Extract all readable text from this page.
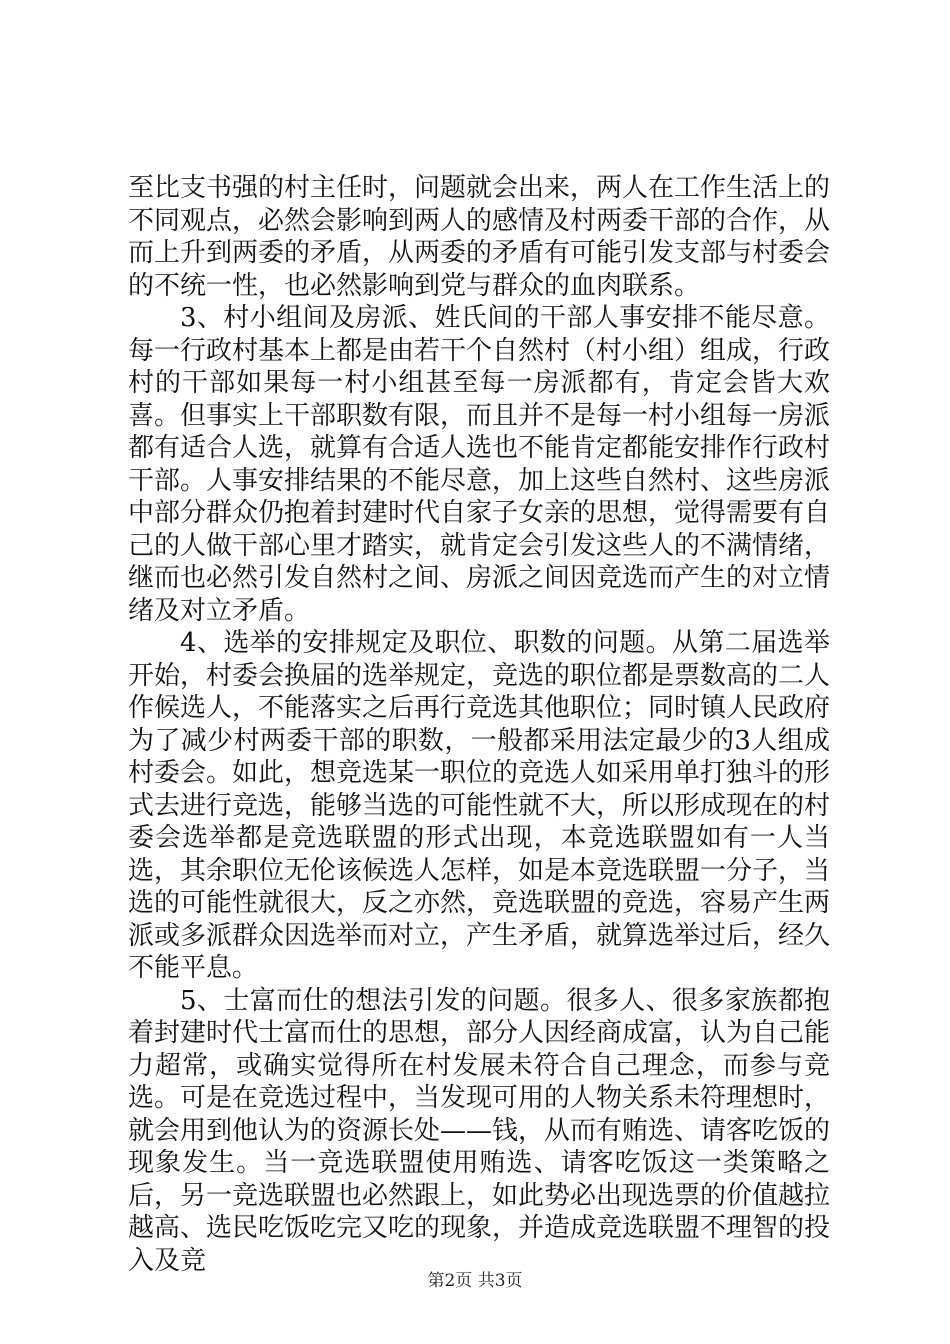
至比支书强的村主任时，问题就会出来，两人在工作生活上的不同观点，必然会影响到两人的感情及村两委干部的合作，从而上升到两委的矛盾，从两委的矛盾有可能引发支部与村委会的不统一性，也必然影响到党与群众的血肉联系。

3、村小组间及房派、姓氏间的干部人事安排不能尽意。每一行政村基本上都是由若干个自然村（村小组）组成，行政村的干部如果每一村小组甚至每一房派都有，肯定会皆大欢喜。但事实上干部职数有限，而且并不是每一村小组每一房派都有适合人选，就算有合适人选也不能肯定都能安排作行政村干部。人事安排结果的不能尽意，加上这些自然村、这些房派中部分群众仍抱着封建时代自家子女亲的思想，觉得需要有自己的人做干部心里才踏实，就肯定会引发这些人的不满情绪，继而也必然引发自然村之间、房派之间因竞选而产生的对立情绪及对立矛盾。

4、选举的安排规定及职位、职数的问题。从第二届选举开始，村委会换届的选举规定，竞选的职位都是票数高的二人作候选人，不能落实之后再行竞选其他职位；同时镇人民政府为了减少村两委干部的职数，一般都采用法定最少的3人组成村委会。如此，想竞选某一职位的竞选人如采用单打独斗的形式去进行竞选，能够当选的可能性就不大，所以形成现在的村委会选举都是竞选联盟的形式出现，本竞选联盟如有一人当选，其余职位无伦该候选人怎样，如是本竞选联盟一分子，当选的可能性就很大，反之亦然，竞选联盟的竞选，容易产生两派或多派群众因选举而对立，产生矛盾，就算选举过后，经久不能平息。

5、士富而仕的想法引发的问题。很多人、很多家族都抱着封建时代士富而仕的思想，部分人因经商成富，认为自己能力超常，或确实觉得所在村发展未符合自己理念，而参与竞选。可是在竞选过程中，当发现可用的人物关系未符理想时，就会用到他认为的资源长处——钱，从而有贿选、请客吃饭的现象发生。当一竞选联盟使用贿选、请客吃饭这一类策略之后，另一竞选联盟也必然跟上，如此势必出现选票的价值越拉越高、选民吃饭吃完又吃的现象，并造成竞选联盟不理智的投入及竞

第2页 共3页
